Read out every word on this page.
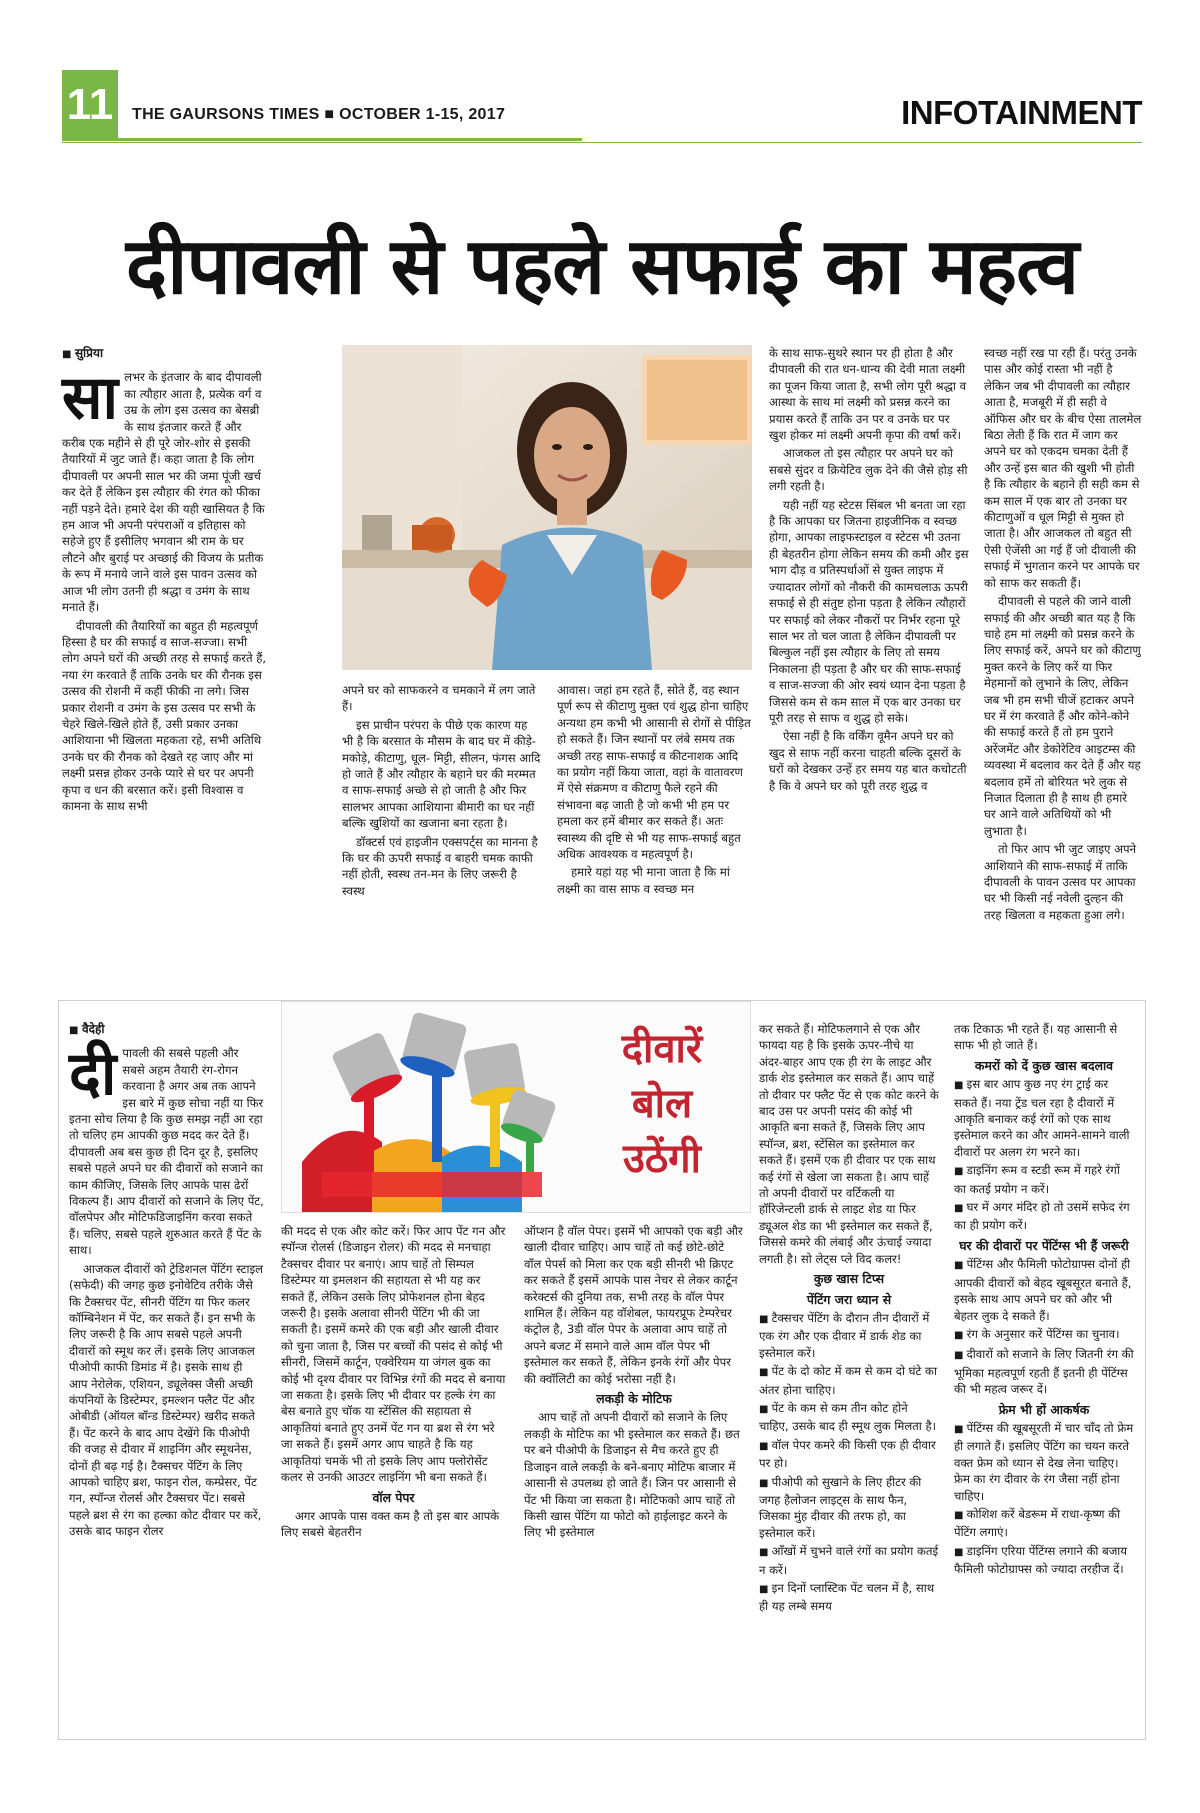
11 THE GAURSONS TIMES ■ OCTOBER 1-15, 2017	INFOTAINMENT
दीपावली से पहले सफाई का महत्व
■ सुप्रिया

सालभर के इंतजार के बाद दीपावली का त्यौहार आता है, प्रत्येक वर्ग व उम्र के लोग इस उत्सव का बेसब्री के साथ इंतजार करते हैं और करीब एक महीने से ही पूरे जोर-शोर से इसकी तैयारियों में जुट जाते हैं। कहा जाता है कि लोग दीपावली पर अपनी साल भर की जमा पूंजी खर्च कर देते हैं लेकिन इस त्यौहार की रंगत को फीका नहीं पड़ने देते। हमारे देश की यही खासियत है कि हम आज भी अपनी परंपराओं व इतिहास को सहेजे हुए हैं इसीलिए भगवान श्री राम के घर लौटने और बुराई पर अच्छाई की विजय के प्रतीक के रूप में मनाये जाने वाले इस पावन उत्सव को आज भी लोग उतनी ही श्रद्धा व उमंग के साथ मनाते हैं।

दीपावली की तैयारियों का बहुत ही महत्वपूर्ण हिस्सा है घर की सफाई व साज-सज्जा। सभी लोग अपने घरों की अच्छी तरह से सफाई करते हैं, नया रंग करवाते हैं ताकि उनके घर की रौनक इस उत्सव की रोशनी में कहीं फीकी ना लगे। जिस प्रकार रोशनी व उमंग के इस उत्सव पर सभी के चेहरे खिले-खिले होते हैं, उसी प्रकार उनका आशियाना भी खिलता महकता रहे, सभी अतिथि उनके घर की रौनक को देखते रह जाए और मां लक्ष्मी प्रसन्न होकर उनके प्यारे से घर पर अपनी कृपा व धन की बरसात करें। इसी विश्वास व कामना के साथ सभी

अपने घर को साफकरने व चमकाने में लग जाते हैं।

इस प्राचीन परंपरा के पीछे एक कारण यह भी है कि बरसात के मौसम के बाद घर में कीड़े-मकोड़े, कीटाणु, धूल- मिट्टी, सीलन, फंगस आदि हो जाते हैं और त्यौहार के बहाने घर की मरम्मत व साफ-सफाई अच्छे से हो जाती है और फिर सालभर आपका आशियाना बीमारी का घर नहीं बल्कि खुशियों का खजाना बना रहता है।

डॉक्टर्स एवं हाइजीन एक्सपर्ट्स का मानना है कि घर की ऊपरी सफाई व बाहरी चमक काफी नहीं होती, स्वस्थ तन-मन के लिए जरूरी है स्वस्थ

आवास। जहां हम रहते हैं, सोते हैं, वह स्थान पूर्ण रूप से कीटाणु मुक्त एवं शुद्ध होना चाहिए अन्यथा हम कभी भी आसानी से रोगों से पीड़ित हो सकते हैं। जिन स्थानों पर लंबे समय तक अच्छी तरह साफ-सफाई व कीटनाशक आदि का प्रयोग नहीं किया जाता, वहां के वातावरण में ऐसे संक्रमण व कीटाणु फैले रहने की संभावना बढ़ जाती है जो कभी भी हम पर हमला कर हमें बीमार कर सकते हैं। अतः स्वास्थ्य की दृष्टि से भी यह साफ-सफाई बहुत अधिक आवश्यक व महत्वपूर्ण है।

हमारे यहां यह भी माना जाता है कि मां लक्ष्मी का वास साफ व स्वच्छ मन

के साथ साफ-सुथरे स्थान पर ही होता है और दीपावली की रात धन-धान्य की देवी माता लक्ष्मी का पूजन किया जाता है, सभी लोग पूरी श्रद्धा व आस्था के साथ मां लक्ष्मी को प्रसन्न करने का प्रयास करते हैं ताकि उन पर व उनके घर पर खुश होकर मां लक्ष्मी अपनी कृपा की वर्षा करें।

आजकल तो इस त्यौहार पर अपने घर को सबसे सुंदर व क्रियेटिव लुक देने की जैसे होड़ सी लगी रहती है।

यही नहीं यह स्टेटस सिंबल भी बनता जा रहा है कि आपका घर जितना हाइजीनिक व स्वच्छ होगा, आपका लाइफस्टाइल व स्टेटस भी उतना ही बेहतरीन होगा लेकिन समय की कमी और इस भाग दौड़ व प्रतिस्पर्धाओं से युक्त लाइफ में ज्यादातर लोगों को नौकरी की कामचलाऊ ऊपरी सफाई से ही संतुष्ट होना पड़ता है लेकिन त्यौहारों पर सफाई को लेकर नौकरों पर निर्भर रहना पूरे साल भर तो चल जाता है लेकिन दीपावली पर बिल्कुल नहीं इस त्यौहार के लिए तो समय निकालना ही पड़ता है और घर की साफ-सफाई व साज-सज्जा की ओर स्वयं ध्यान देना पड़ता है जिससे कम से कम साल में एक बार उनका घर पूरी तरह से साफ व शुद्ध हो सके।

ऐसा नहीं है कि वर्किंग वूमैन अपने घर को खुद से साफ नहीं करना चाहती बल्कि दूसरों के घरों को देखकर उन्हें हर समय यह बात कचोटती है कि वे अपने घर को पूरी तरह शुद्ध व

स्वच्छ नहीं रख पा रही हैं। परंतु उनके पास और कोई रास्ता भी नहीं है लेकिन जब भी दीपावली का त्यौहार आता है, मजबूरी में ही सही वे ऑफिस और घर के बीच ऐसा तालमेल बिठा लेती हैं कि रात में जाग कर अपने घर को एकदम चमका देती हैं और उन्हें इस बात की खुशी भी होती है कि त्यौहार के बहाने ही सही कम से कम साल में एक बार तो उनका घर कीटाणुओं व धूल मिट्टी से मुक्त हो जाता है। और आजकल तो बहुत सी ऐसी ऐजेंसी आ गई हैं जो दीवाली की सफाई में भुगतान करने पर आपके घर को साफ कर सकती हैं।

दीपावली से पहले की जाने वाली सफाई की और अच्छी बात यह है कि चाहे हम मां लक्ष्मी को प्रसन्न करने के लिए सफाई करें, अपने घर को कीटाणु मुक्त करने के लिए करें या फिर मेहमानों को लुभाने के लिए, लेकिन जब भी हम सभी चीजें हटाकर अपने घर में रंग करवाते हैं और कोने-कोने की सफाई करते हैं तो हम पुराने अरेंजमेंट और डेकोरेटिव आइटम्स की व्यवस्था में बदलाव कर देते हैं और यह बदलाव हमें तो बोरियत भरे लुक से निजात दिलाता ही है साथ ही हमारे घर आने वाले अतिथियों को भी लुभाता है।

तो फिर आप भी जुट जाइए अपने आशियाने की साफ-सफाई में ताकि दीपावली के पावन उत्सव पर आपका घर भी किसी नई नवेली दुल्हन की तरह खिलता व महकता हुआ लगे।

■ वैदेही

दीपावली की सबसे पहली और सबसे अहम तैयारी रंग-रोगन करवाना है अगर अब तक आपने इस बारे में कुछ सोचा नहीं या फिर इतना सोच लिया है कि कुछ समझ नहीं आ रहा तो चलिए हम आपकी कुछ मदद कर देते हैं। दीपावली अब बस कुछ ही दिन दूर है, इसलिए सबसे पहले अपने घर की दीवारों को सजाने का काम कीजिए, जिसके लिए आपके पास ढेरों विकल्प हैं। आप दीवारों को सजाने के लिए पेंट, वॉलपेपर और मोटिफडिजाइनिंग करवा सकते हैं। चलिए, सबसे पहले शुरुआत करते हैं पेंट के साथ।

आजकल दीवारों को ट्रेडिशनल पेंटिंग स्टाइल (सफेदी) की जगह कुछ इनोवेटिव तरीके जैसे कि टैक्सचर पेंट, सीनरी पेंटिंग या फिर कलर कॉम्बिनेशन में पेंट, कर सकते हैं। इन सभी के लिए जरूरी है कि आप सबसे पहले अपनी दीवारों को स्मूथ कर लें। इसके लिए आजकल पीओपी काफी डिमांड में है। इसके साथ ही आप नेरोलेक, एशियन, ड्यूलेक्स जैसी अच्छी कंपनियों के डिस्टेम्पर, इमल्शन फ्लैट पेंट और ओबीडी (ऑयल बॉन्ड डिस्टेम्पर) खरीद सकते हैं। पेंट करने के बाद आप देखेंगे कि पीओपी की वजह से दीवार में शाइनिंग और स्मूथनेस, दोनों ही बढ़ गई है। टैक्सचर पेंटिंग के लिए आपको चाहिए ब्रश, फाइन रोल, कम्प्रेसर, पेंट गन, स्पॉन्ज रोलर्स और टैक्सचर पेंट। सबसे पहले ब्रश से रंग का हल्का कोट दीवार पर करें, उसके बाद फाइन रोलर

दीवारें
बोल
उठेंगी

की मदद से एक और कोट करें। फिर आप पेंट गन और स्पॉन्ज रोलर्स (डिजाइन रोलर) की मदद से मनचाहा टैक्सचर दीवार पर बनाएं। आप चाहें तो सिम्पल डिस्टेम्पर या इमलशन की सहायता से भी यह कर सकते हैं, लेकिन उसके लिए प्रोफेशनल होना बेहद जरूरी है। इसके अलावा सीनरी पेंटिंग भी की जा सकती है। इसमें कमरे की एक बड़ी और खाली दीवार को चुना जाता है, जिस पर बच्चों की पसंद से कोई भी सीनरी, जिसमें कार्टून, एक्वेरियम या जंगल बुक का कोई भी दृश्य दीवार पर विभिन्न रंगों की मदद से बनाया जा सकता है। इसके लिए भी दीवार पर हल्के रंग का बेस बनाते हुए चॉक या स्टेंसिल की सहायता से आकृतियां बनाते हुए उनमें पेंट गन या ब्रश से रंग भरे जा सकते हैं। इसमें अगर आप चाहते है कि यह आकृतियां चमकें भी तो इसके लिए आप फ्लोरोसेंट कलर से उनकी आउटर लाइनिंग भी बना सकते हैं।

वॉल पेपर

अगर आपके पास वक्त कम है तो इस बार आपके लिए सबसे बेहतरीन

ऑप्शन है वॉल पेपर। इसमें भी आपको एक बड़ी और खाली दीवार चाहिए। आप चाहें तो कई छोटे-छोटे वॉल पेपर्स को मिला कर एक बड़ी सीनरी भी क्रिएट कर सकते हैं इसमें आपके पास नेचर से लेकर कार्टून करेक्टर्स की दुनिया तक, सभी तरह के वॉल पेपर शामिल हैं। लेकिन यह वॉशेबल, फायरप्रूफ टेम्परेचर कंट्रोल है, 3डी वॉल पेपर के अलावा आप चाहें तो अपने बजट में समाने वाले आम वॉल पेपर भी इस्तेमाल कर सकते हैं, लेकिन इनके रंगों और पेपर की क्वॉलिटी का कोई भरोसा नहीं है।

लकड़ी के मोटिफ

आप चाहें तो अपनी दीवारों को सजाने के लिए लकड़ी के मोटिफ का भी इस्तेमाल कर सकते हैं। छत पर बने पीओपी के डिजाइन से मैच करते हुए ही डिजाइन वाले लकड़ी के बने-बनाए मोटिफ बाजार में आसानी से उपलब्ध हो जाते हैं। जिन पर आसानी से पेंट भी किया जा सकता है। मोटिफको आप चाहें तो किसी खास पेंटिंग या फोटो को हाईलाइट करने के लिए भी इस्तेमाल

कर सकते हैं। मोटिफलगाने से एक और फायदा यह है कि इसके ऊपर-नीचे या अंदर-बाहर आप एक ही रंग के लाइट और डार्क शेड इस्तेमाल कर सकते हैं। आप चाहें तो दीवार पर फ्लैट पेंट से एक कोट करने के बाद उस पर अपनी पसंद की कोई भी आकृति बना सकते हैं, जिसके लिए आप स्पॉन्ज, ब्रश, स्टेंसिल का इस्तेमाल कर सकते हैं। इसमें एक ही दीवार पर एक साथ कई रंगों से खेला जा सकता है। आप चाहें तो अपनी दीवारों पर वर्टिकली या हॉरिजेन्टली डार्क से लाइट शेड या फिर ड्यूअल शेड का भी इस्तेमाल कर सकते हैं, जिससे कमरे की लंबाई और ऊंचाई ज्यादा लगती है। सो लेट्स प्ले विद कलर!

कुछ खास टिप्स

पेंटिंग जरा ध्यान से

■ टैक्सचर पेंटिंग के दौरान तीन दीवारों में एक रंग और एक दीवार में डार्क शेड का इस्तेमाल करें।

■ पेंट के दो कोट में कम से कम दो घंटे का अंतर होना चाहिए।

■ पेंट के कम से कम तीन कोट होने चाहिए, उसके बाद ही स्मूथ लुक मिलता है।

■ वॉल पेपर कमरे की किसी एक ही दीवार पर हो।

■ पीओपी को सुखाने के लिए हीटर की जगह हैलोजन लाइट्स के साथ फैन, जिसका मुंह दीवार की तरफ हो, का इस्तेमाल करें।

■ आँखों में चुभने वाले रंगों का प्रयोग कतई न करें।

■ इन दिनों प्लास्टिक पेंट चलन में है, साथ ही यह लम्बे समय

तक टिकाऊ भी रहते हैं। यह आसानी से साफ भी हो जाते हैं।

कमरों को दें कुछ खास बदलाव

■ इस बार आप कुछ नए रंग ट्राई कर सकते हैं। नया ट्रेंड चल रहा है दीवारों में आकृति बनाकर कई रंगों को एक साथ इस्तेमाल करने का और आमने-सामने वाली दीवारों पर अलग रंग भरने का।

■ डाइनिंग रूम व स्टडी रूम में गहरे रंगों का कतई प्रयोग न करें।

■ घर में अगर मंदिर हो तो उसमें सफेद रंग का ही प्रयोग करें।

घर की दीवारों पर पेंटिंग्स भी हैं जरूरी

■ पेंटिंग्स और फैमिली फोटोग्राफ्स दोनों ही आपकी दीवारों को बेहद खूबसूरत बनाते हैं, इसके साथ आप अपने घर को और भी बेहतर लुक दे सकते हैं।

■ रंग के अनुसार करें पेंटिंग्स का चुनाव।

■ दीवारों को सजाने के लिए जितनी रंग की भूमिका महत्वपूर्ण रहती हैं इतनी ही पेंटिंग्स की भी महत्व जरूर दें।

फ्रेम भी हों आकर्षक

■ पेंटिंग्स की खूबसूरती में चार चाँद तो फ्रेम ही लगाते हैं। इसलिए पेंटिंग का चयन करते वक्त फ्रेम को ध्यान से देख लेना चाहिए। फ्रेम का रंग दीवार के रंग जैसा नहीं होना चाहिए।

■ कोशिश करें बेडरूम में राधा-कृष्ण की पेंटिंग लगाएं।

■ डाइनिंग एरिया पेंटिंग्स लगाने की बजाय फैमिली फोटोग्राफ्स को ज्यादा तरहीज दें।
